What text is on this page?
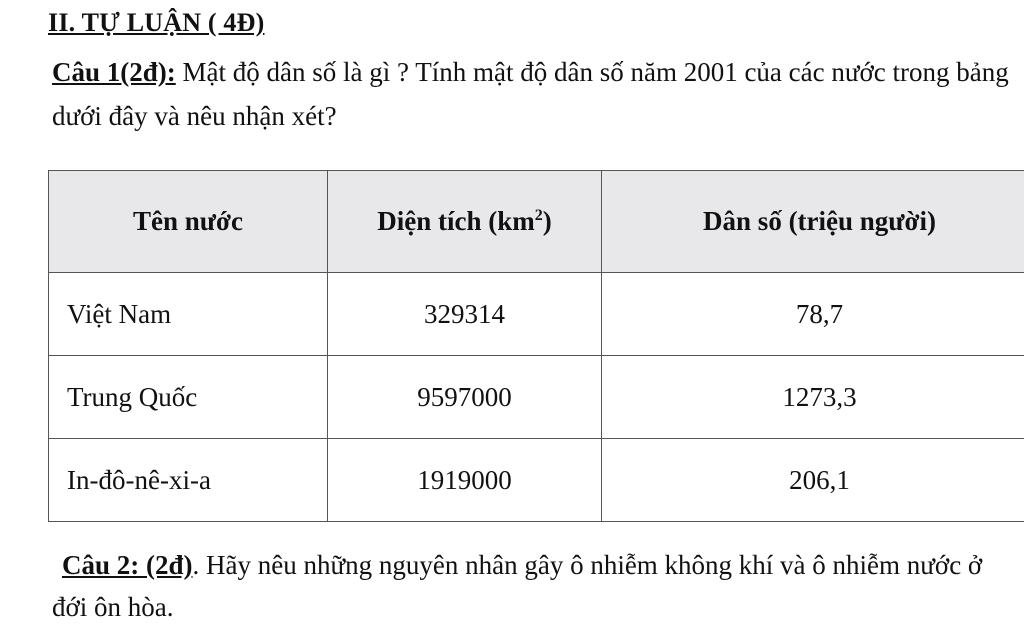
II. TỰ LUẬN ( 4Đ)
Câu 1(2đ): Mật độ dân số là gì ? Tính mật độ dân số năm 2001 của các nước trong bảng dưới đây và nêu nhận xét?
Tên nước	Diện tích $(km^2)$	Dân số (triệu người)
Việt Nam	329314	78,7
Trung Quốc	9597000	1273,3
In-đô-nê-xi-a	1919000	206,1
Câu 2: (2đ). Hãy nêu những nguyên nhân gây ô nhiễm không khí và ô nhiễm nước ở đới ôn hòa.
